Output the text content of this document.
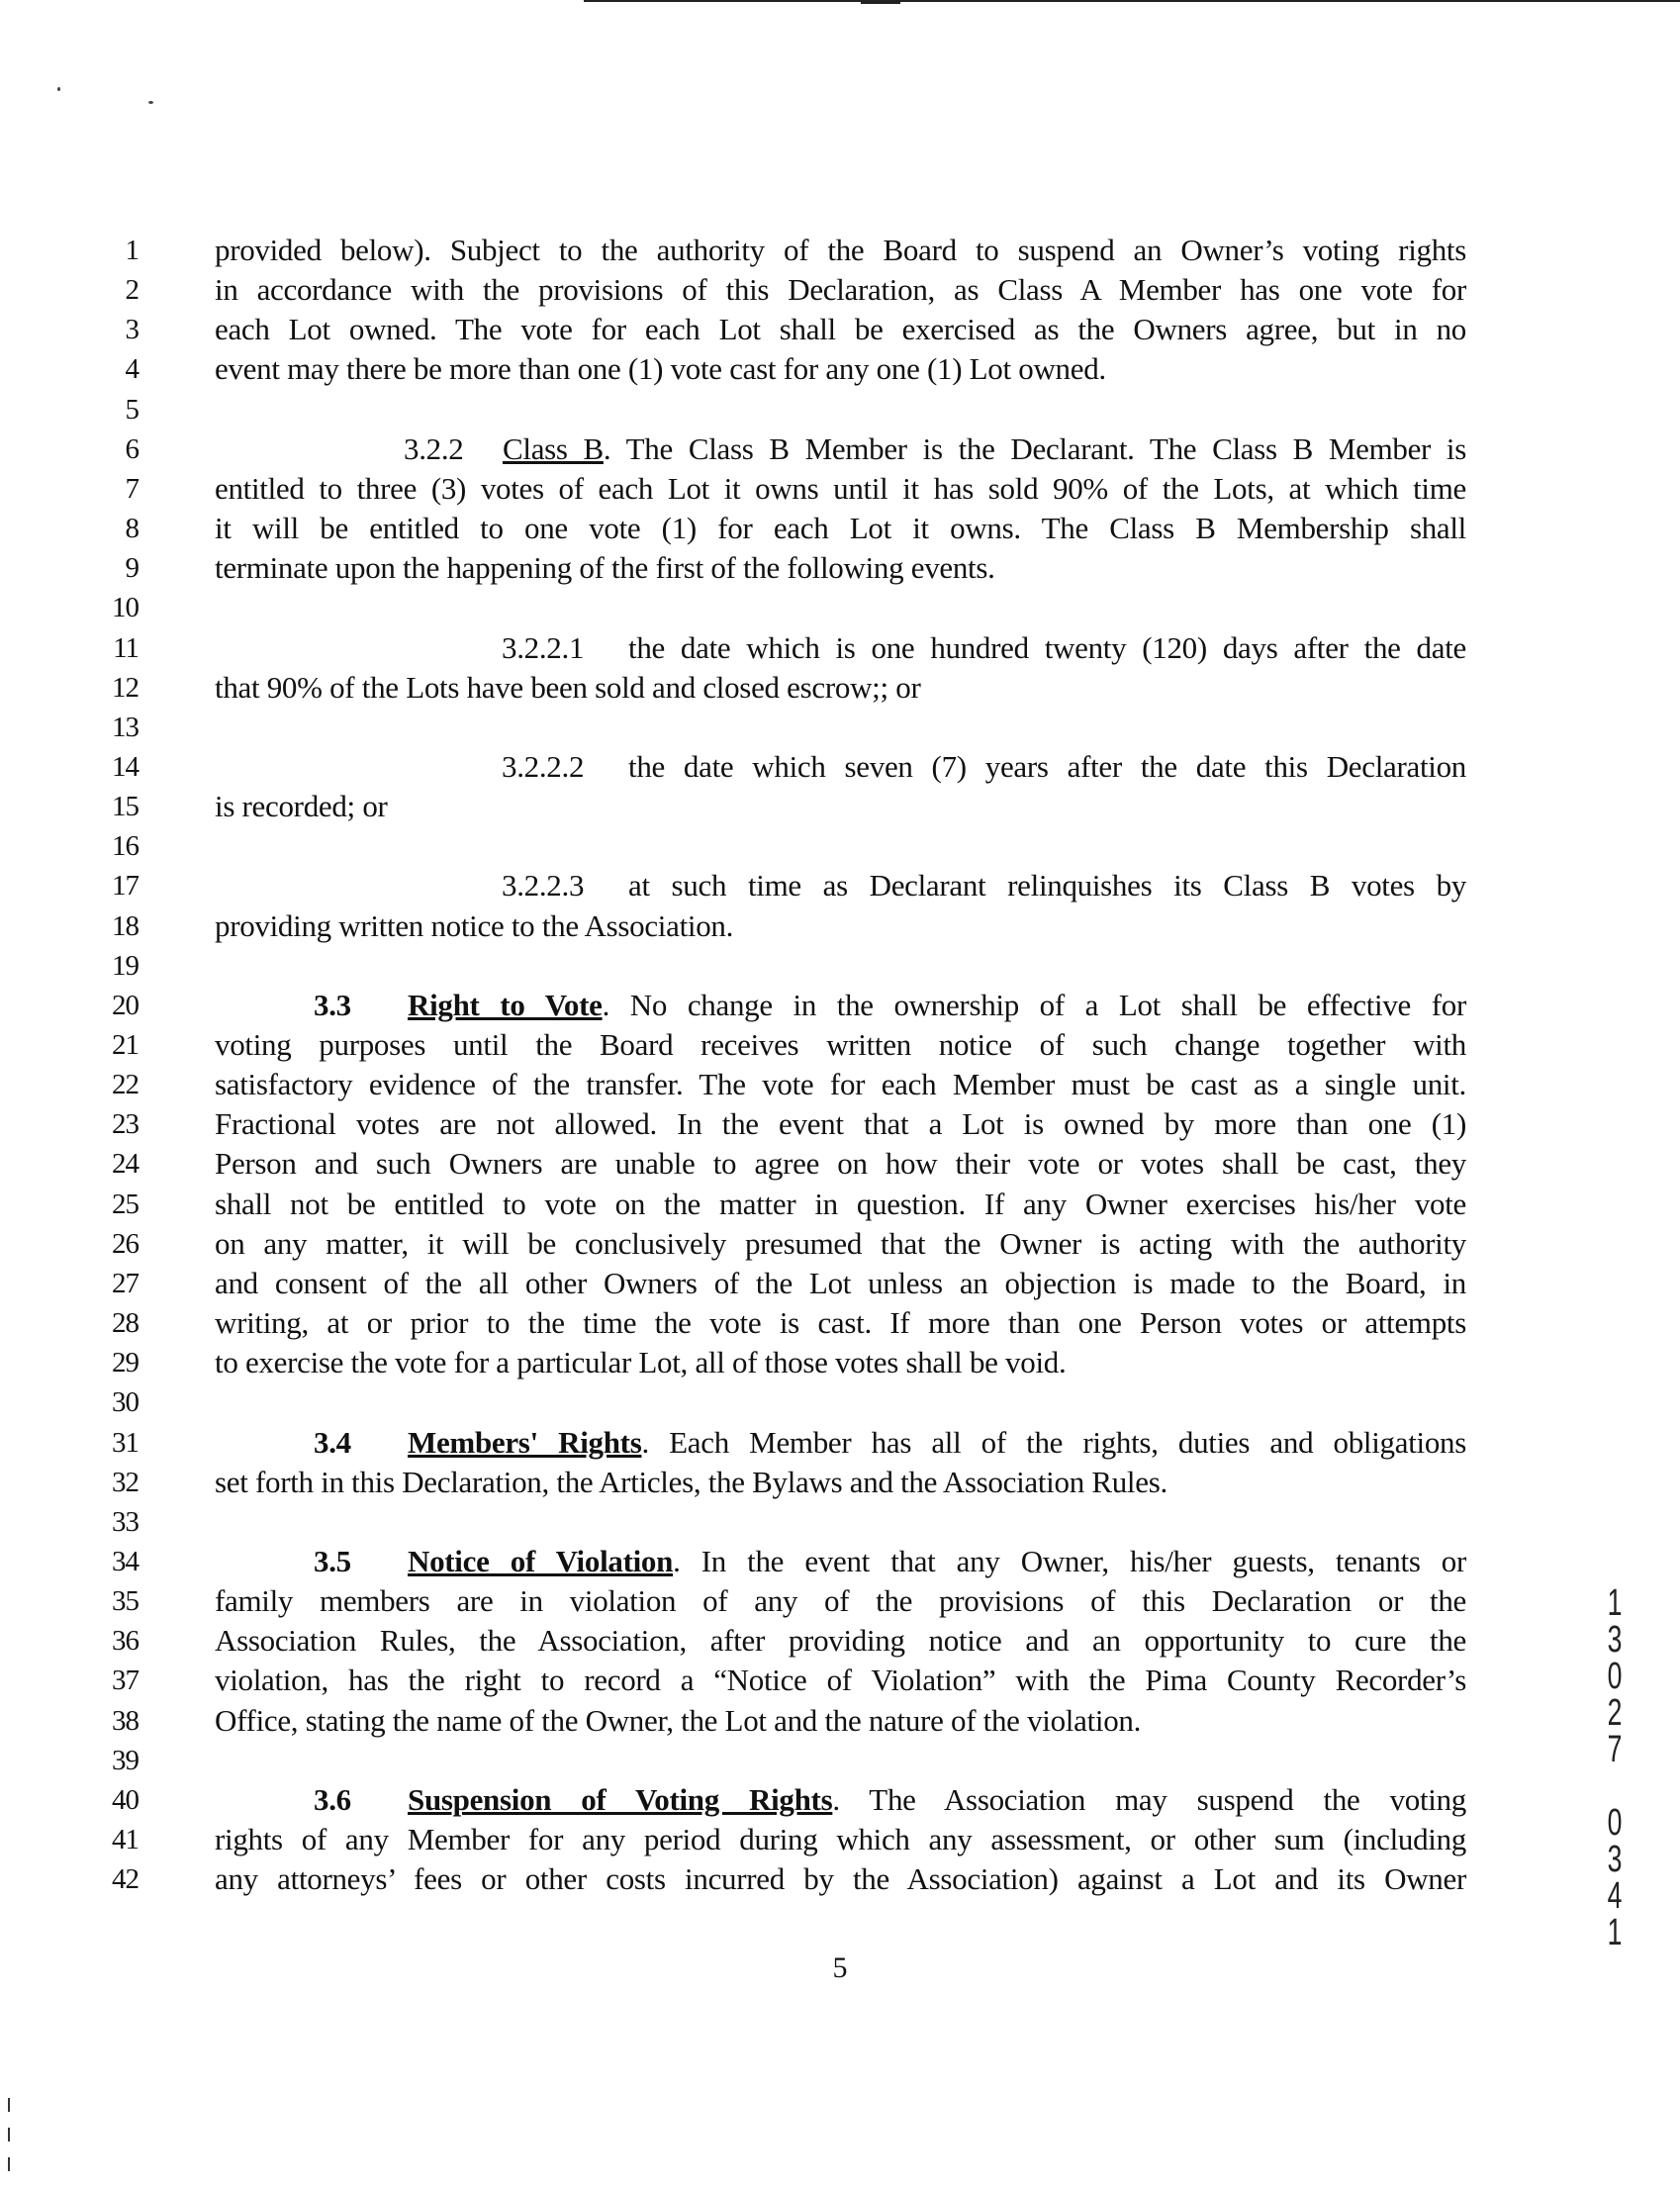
1
2
3
4
5
6
7
8
9
10
11
12
13
14
15
16
17
18
19
20
21
22
23
24
25
26
27
28
29
30
31
32
33
34
35
36
37
38
39
40
41
42
provided below). Subject to the authority of the Board to suspend an Owner’s voting rights
in accordance with the provisions of this Declaration, as Class A Member has one vote for
each Lot owned. The vote for each Lot shall be exercised as the Owners agree, but in no
event may there be more than one (1) vote cast for any one (1) Lot owned.
3.2.2 Class B. The Class B Member is the Declarant. The Class B Member is
entitled to three (3) votes of each Lot it owns until it has sold 90% of the Lots, at which time
it will be entitled to one vote (1) for each Lot it owns. The Class B Membership shall
terminate upon the happening of the first of the following events.
3.2.2.1 the date which is one hundred twenty (120) days after the date
that 90% of the Lots have been sold and closed escrow;; or
3.2.2.2 the date which seven (7) years after the date this Declaration
is recorded; or
3.2.2.3 at such time as Declarant relinquishes its Class B votes by
providing written notice to the Association.
3.3 Right to Vote. No change in the ownership of a Lot shall be effective for
voting purposes until the Board receives written notice of such change together with
satisfactory evidence of the transfer. The vote for each Member must be cast as a single unit.
Fractional votes are not allowed. In the event that a Lot is owned by more than one (1)
Person and such Owners are unable to agree on how their vote or votes shall be cast, they
shall not be entitled to vote on the matter in question. If any Owner exercises his/her vote
on any matter, it will be conclusively presumed that the Owner is acting with the authority
and consent of the all other Owners of the Lot unless an objection is made to the Board, in
writing, at or prior to the time the vote is cast. If more than one Person votes or attempts
to exercise the vote for a particular Lot, all of those votes shall be void.
3.4 Members' Rights. Each Member has all of the rights, duties and obligations
set forth in this Declaration, the Articles, the Bylaws and the Association Rules.
3.5 Notice of Violation. In the event that any Owner, his/her guests, tenants or
family members are in violation of any of the provisions of this Declaration or the
Association Rules, the Association, after providing notice and an opportunity to cure the
violation, has the right to record a “Notice of Violation” with the Pima County Recorder’s
Office, stating the name of the Owner, the Lot and the nature of the violation.
3.6 Suspension of Voting Rights. The Association may suspend the voting
rights of any Member for any period during which any assessment, or other sum (including
any attorneys’ fees or other costs incurred by the Association) against a Lot and its Owner
5
1
3
0
2
7

0
3
4
1
